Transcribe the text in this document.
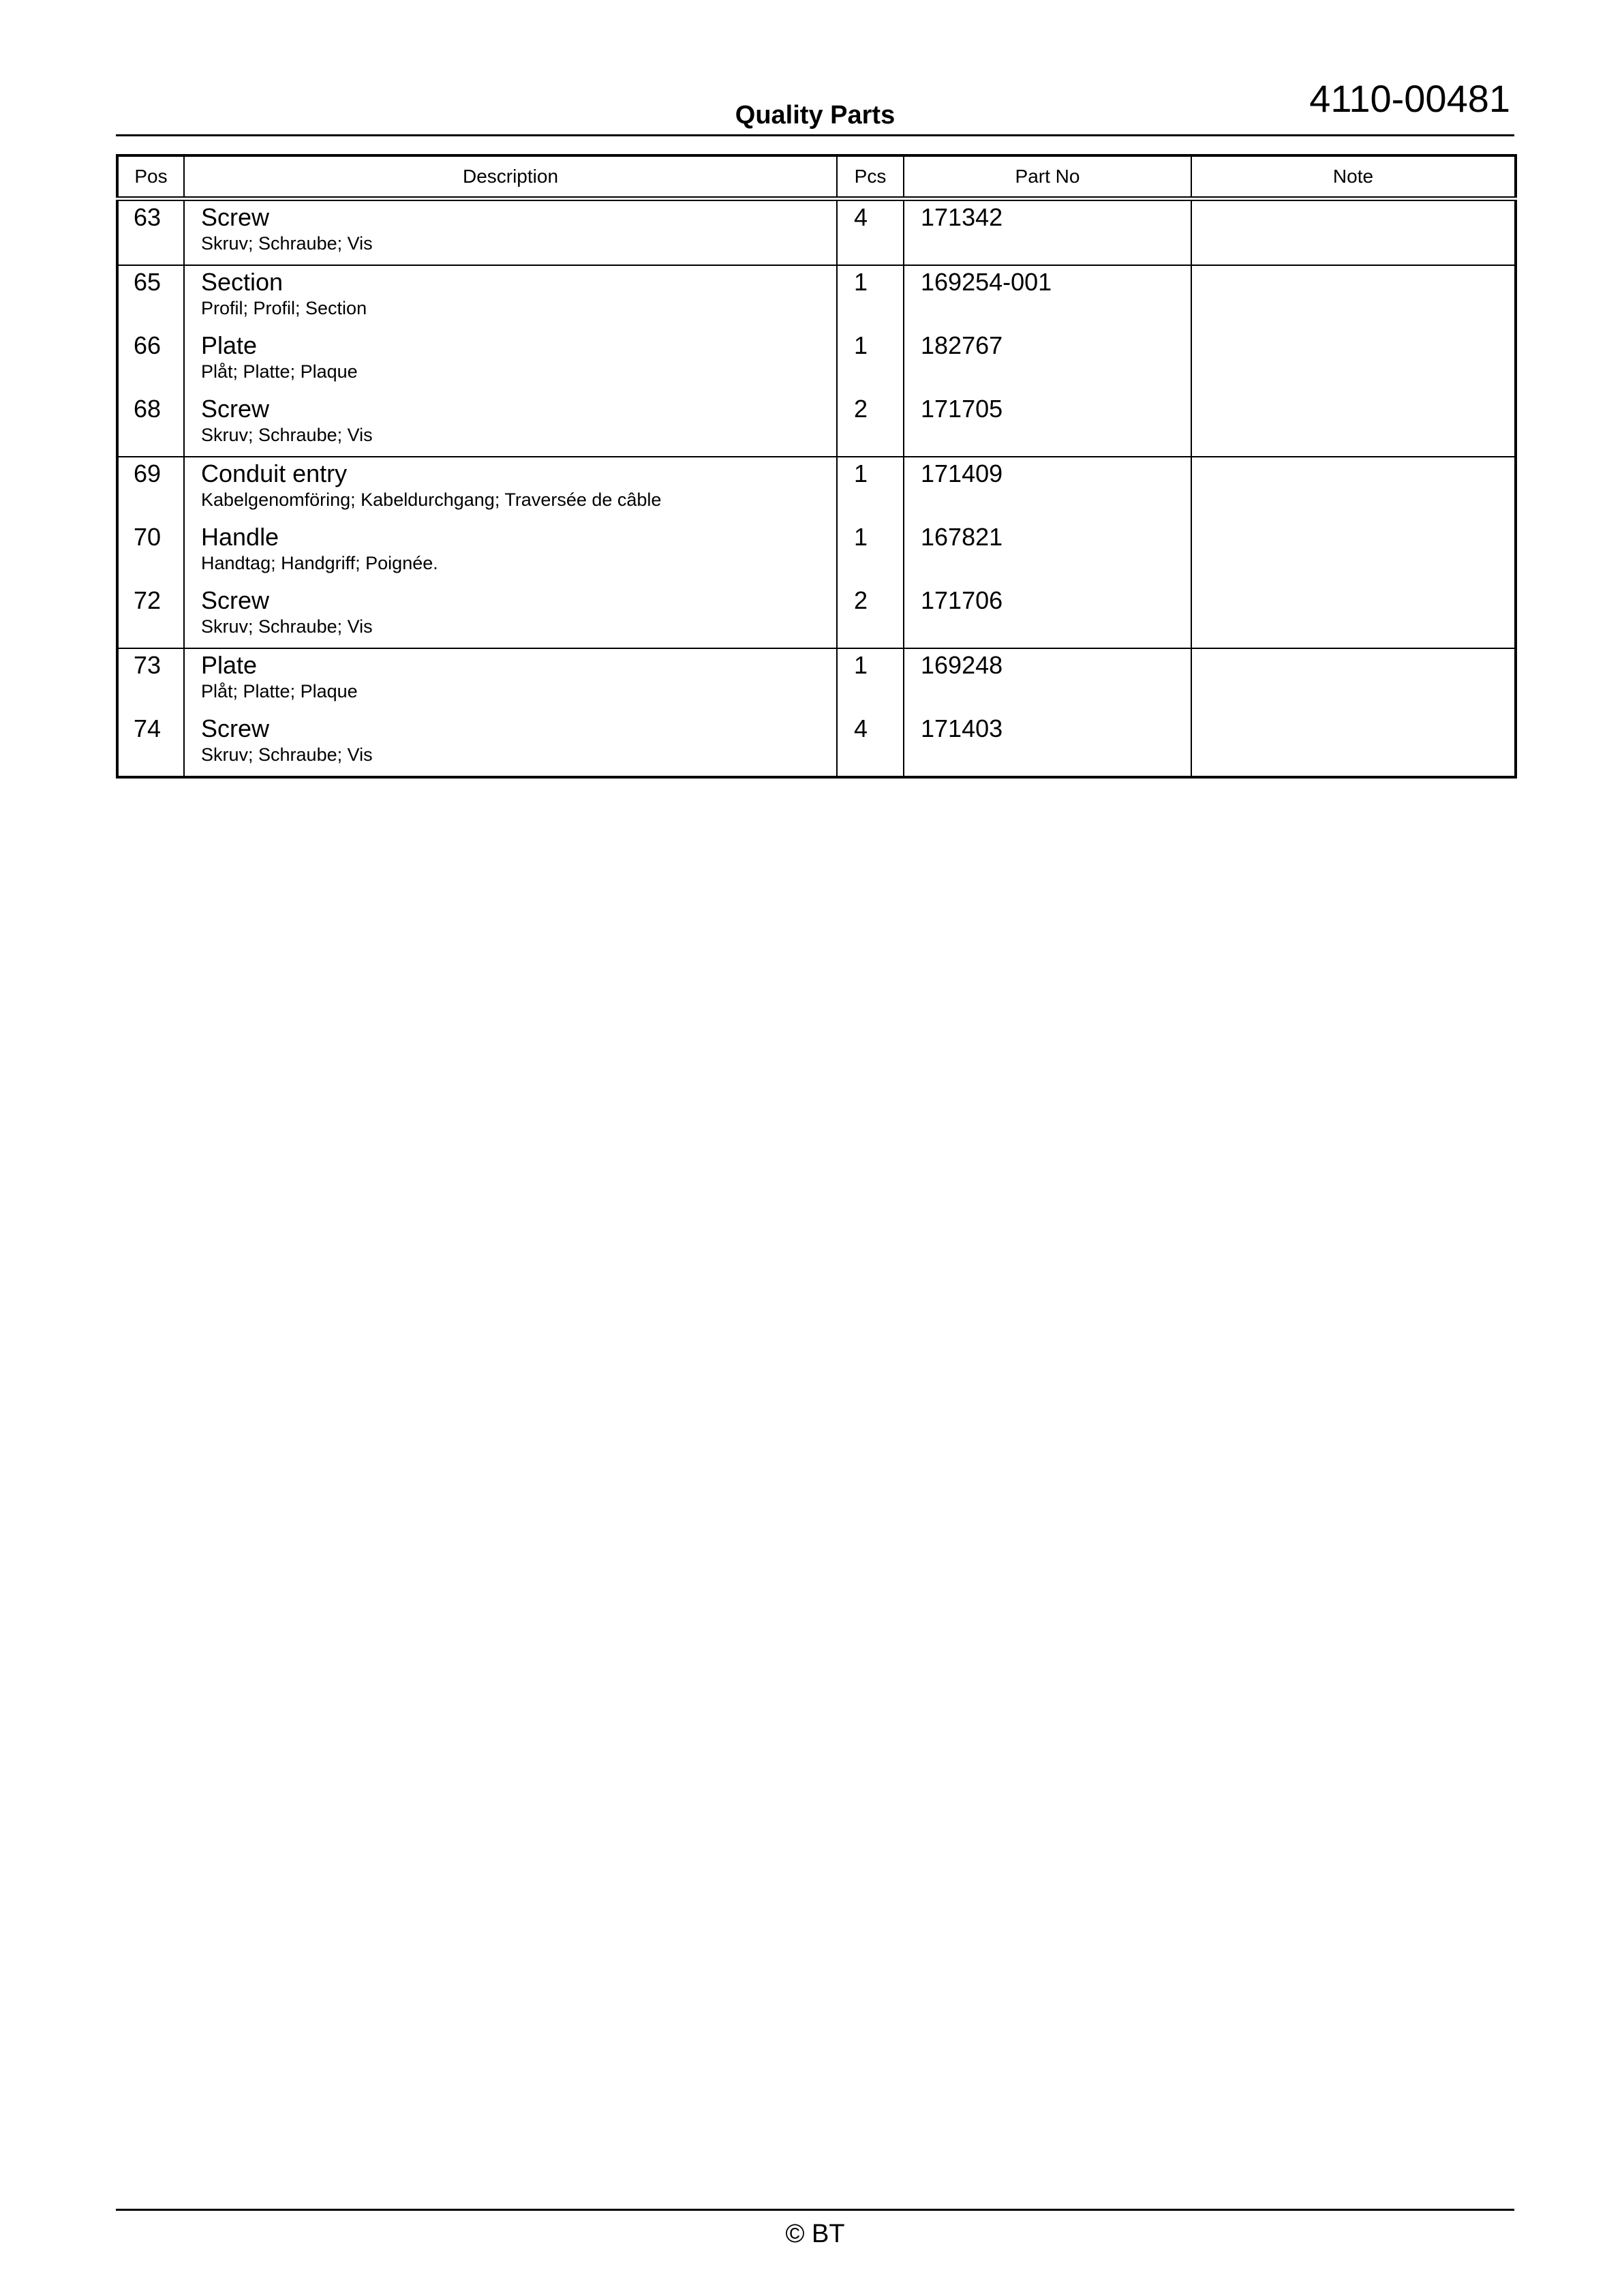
4110-00481
Quality Parts
Pos	Description	Pcs	Part No	Note
63	Screw
Skruv; Schraube; Vis	4	171342	
65	Section
Profil; Profil; Section	1	169254-001	
66	Plate
Plåt; Platte; Plaque	1	182767	
68	Screw
Skruv; Schraube; Vis	2	171705	
69	Conduit entry
Kabelgenomföring; Kabeldurchgang; Traversée de câble	1	171409	
70	Handle
Handtag; Handgriff; Poignée.	1	167821	
72	Screw
Skruv; Schraube; Vis	2	171706	
73	Plate
Plåt; Platte; Plaque	1	169248	
74	Screw
Skruv; Schraube; Vis	4	171403	
© BT
